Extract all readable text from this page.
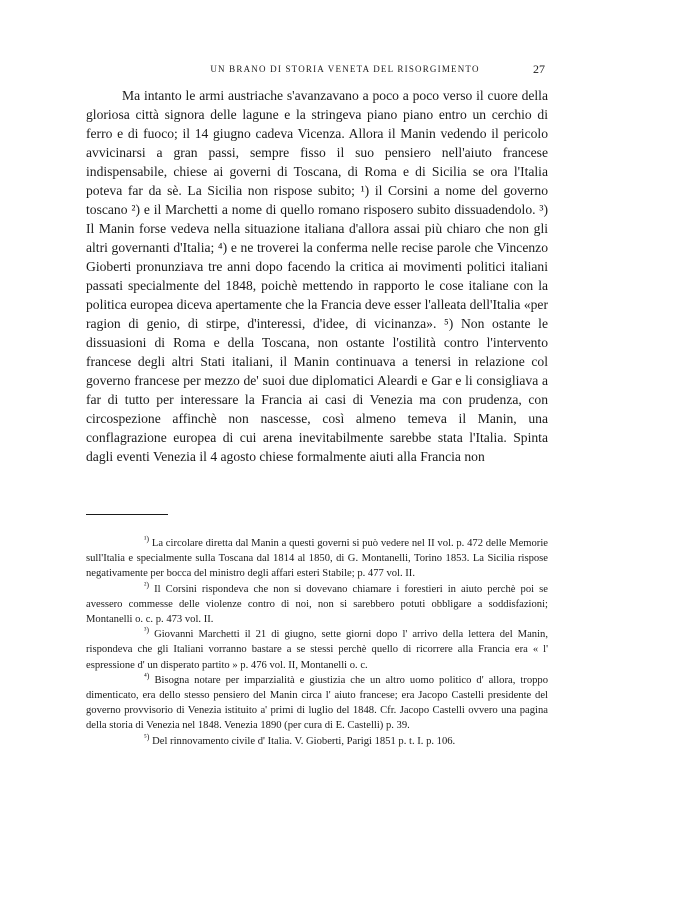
UN BRANO DI STORIA VENETA DEL RISORGIMENTO	27

Ma intanto le armi austriache s'avanzavano a poco a poco verso il cuore della gloriosa città signora delle lagune e la stringeva piano piano entro un cerchio di ferro e di fuoco; il 14 giugno cadeva Vicenza. Allora il Manin vedendo il pericolo avvicinarsi a gran passi, sempre fisso il suo pensiero nell'aiuto francese indispensabile, chiese ai governi di Toscana, di Roma e di Sicilia se ora l'Italia poteva far da sè. La Sicilia non rispose subito; ¹) il Corsini a nome del governo toscano ²) e il Marchetti a nome di quello romano risposero subito dissuadendolo. ³) Il Manin forse vedeva nella situazione italiana d'allora assai più chiaro che non gli altri governanti d'Italia; ⁴) e ne troverei la conferma nelle recise parole che Vincenzo Gioberti pronunziava tre anni dopo facendo la critica ai movimenti politici italiani passati specialmente del 1848, poichè mettendo in rapporto le cose italiane con la politica europea diceva apertamente che la Francia deve esser l'alleata dell'Italia «per ragion di genio, di stirpe, d'interessi, d'idee, di vicinanza». ⁵) Non ostante le dissuasioni di Roma e della Toscana, non ostante l'ostilità contro l'intervento francese degli altri Stati italiani, il Manin continuava a tenersi in relazione col governo francese per mezzo de' suoi due diplomatici Aleardi e Gar e li consigliava a far di tutto per interessare la Francia ai casi di Venezia ma con prudenza, con circospezione affinchè non nascesse, così almeno temeva il Manin, una conflagrazione europea di cui arena inevitabilmente sarebbe stata l'Italia. Spinta dagli eventi Venezia il 4 agosto chiese formalmente aiuti alla Francia non

$^{^1)}$ La circolare diretta dal Manin a questi governi si può vedere nel II vol. p. 472 delle Memorie sull'Italia e specialmente sulla Toscana dal 1814 al 1850, di G. Montanelli, Torino 1853. La Sicilia rispose negativamente per bocca del ministro degli affari esteri Stabile; p. 477 vol. II.

$^{^2)}$ Il Corsini rispondeva che non si dovevano chiamare i forestieri in aiuto perchè poi se avessero commesse delle violenze contro di noi, non si sarebbero potuti obbligare a soddisfazioni; Montanelli o. c. p. 473 vol. II.

$^{^3)}$ Giovanni Marchetti il 21 di giugno, sette giorni dopo l' arrivo della lettera del Manin, rispondeva che gli Italiani vorranno bastare a se stessi perchè quello di ricorrere alla Francia era « l' espressione d' un disperato partito » p. 476 vol. II, Montanelli o. c.

$^{^4)}$ Bisogna notare per imparzialità e giustizia che un altro uomo politico d' allora, troppo dimenticato, era dello stesso pensiero del Manin circa l' aiuto francese; era Jacopo Castelli presidente del governo provvisorio di Venezia istituito a' primi di luglio del 1848. Cfr. Jacopo Castelli ovvero una pagina della storia di Venezia nel 1848. Venezia 1890 (per cura di E. Castelli) p. 39.

$^{^5)}$ Del rinnovamento civile d' Italia. V. Gioberti, Parigi 1851 p. t. I. p. 106.
